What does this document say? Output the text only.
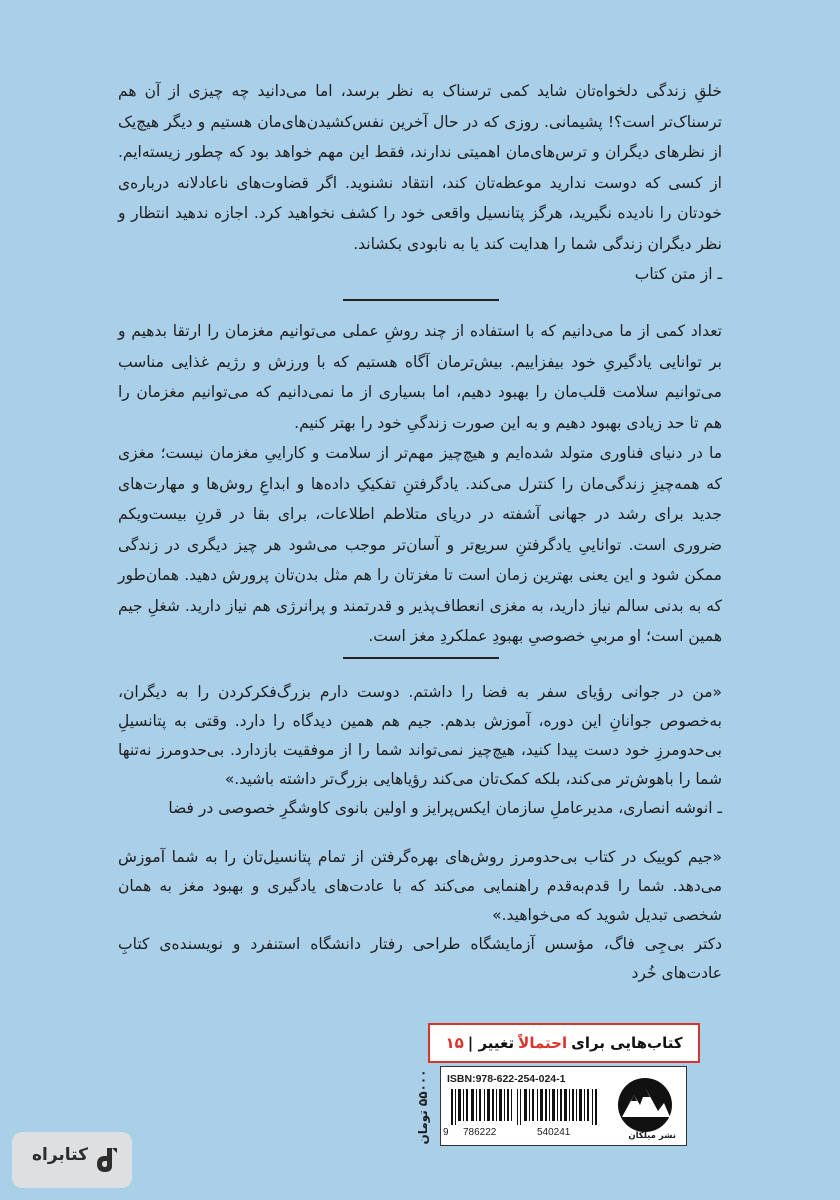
خلقِ زندگی دلخواه‌تان شاید کمی ترسناک به نظر برسد، اما می‌دانید چه چیزی از آن هم ترسناک‌تر است؟! پشیمانی. روزی که در حال آخرین نفس‌کشیدن‌های‌مان هستیم و دیگر هیچ‌یک از نظرهای دیگران و ترس‌های‌مان اهمیتی ندارند، فقط این مهم خواهد بود که چطور زیسته‌ایم. از کسی که دوست ندارید موعظه‌تان کند، انتقاد نشنوید. اگر قضاوت‌های ناعادلانه درباره‌ی خودتان را نادیده نگیرید، هرگز پتانسیل واقعی خود را کشف نخواهید کرد. اجازه ندهید انتظار و نظر دیگران زندگی شما را هدایت کند یا به نابودی بکشاند.

ـ از متن کتاب

تعداد کمی از ما می‌دانیم که با استفاده از چند روشِ عملی می‌توانیم مغزمان را ارتقا بدهیم و بر توانایی یادگیریِ خود بیفزاییم. بیش‌ترمان آگاه هستیم که با ورزش و رژیم غذایی مناسب می‌توانیم سلامت قلب‌مان را بهبود دهیم، اما بسیاری از ما نمی‌دانیم که می‌توانیم مغزمان را هم تا حد زیادی بهبود دهیم و به این صورت زندگیِ خود را بهتر کنیم.

ما در دنیای فناوری متولد شده‌ایم و هیچ‌چیز مهم‌تر از سلامت و کاراییِ مغزمان نیست؛ مغزی که همه‌چیزِ زندگی‌مان را کنترل می‌کند. یادگرفتنِ تفکیکِ داده‌ها و ابداعِ روش‌ها و مهارت‌های جدید برای رشد در جهانی آشفته در دریای متلاطم اطلاعات، برای بقا در قرنِ بیست‌ویکم ضروری است. تواناییِ یادگرفتنِ سریع‌تر و آسان‌تر موجب می‌شود هر چیز دیگری در زندگی ممکن شود و این یعنی بهترین زمان است تا مغزتان را هم مثل بدن‌تان پرورش دهید. همان‌طور که به بدنی سالم نیاز دارید، به مغزی انعطاف‌پذیر و قدرتمند و پرانرژی هم نیاز دارید. شغلِ جیم همین است؛ او مربیِ خصوصیِ بهبودِ عملکردِ مغز است.

«من در جوانی رؤیای سفر به فضا را داشتم. دوست دارم بزرگ‌فکرکردن را به دیگران، به‌خصوص جوانانِ این دوره، آموزش بدهم. جیم هم همین دیدگاه را دارد. وقتی به پتانسیلِ بی‌حدومرزِ خود دست پیدا کنید، هیچ‌چیز نمی‌تواند شما را از موفقیت بازدارد. بی‌حدومرز نه‌تنها شما را باهوش‌تر می‌کند، بلکه کمک‌تان می‌کند رؤیاهایی بزرگ‌تر داشته باشید.»

ـ انوشه انصاری، مدیرعاملِ سازمان ایکس‌پرایز و اولین بانوی کاوشگرِ خصوصی در فضا

«جیم کوییک در کتاب بی‌حدومرز روش‌های بهره‌گرفتن از تمام پتانسیل‌تان را به شما آموزش می‌دهد. شما را قدم‌به‌قدم راهنمایی می‌کند که با عادت‌های یادگیری و بهبود مغز به همان شخصی تبدیل شوید که می‌خواهید.»

دکتر بی‌جِی فاگ، مؤسس آزمایشگاه طراحی رفتار دانشگاه استنفرد و نویسنده‌ی کتابِ عادت‌های خُرد

کتاب‌هایی برای
احتمالاً
تغییر |
۱۵
۵۵۰۰۰ تومان ISBN:978-622-254-024-1
9 786222	540241	نشر میلکان
کتابراه
